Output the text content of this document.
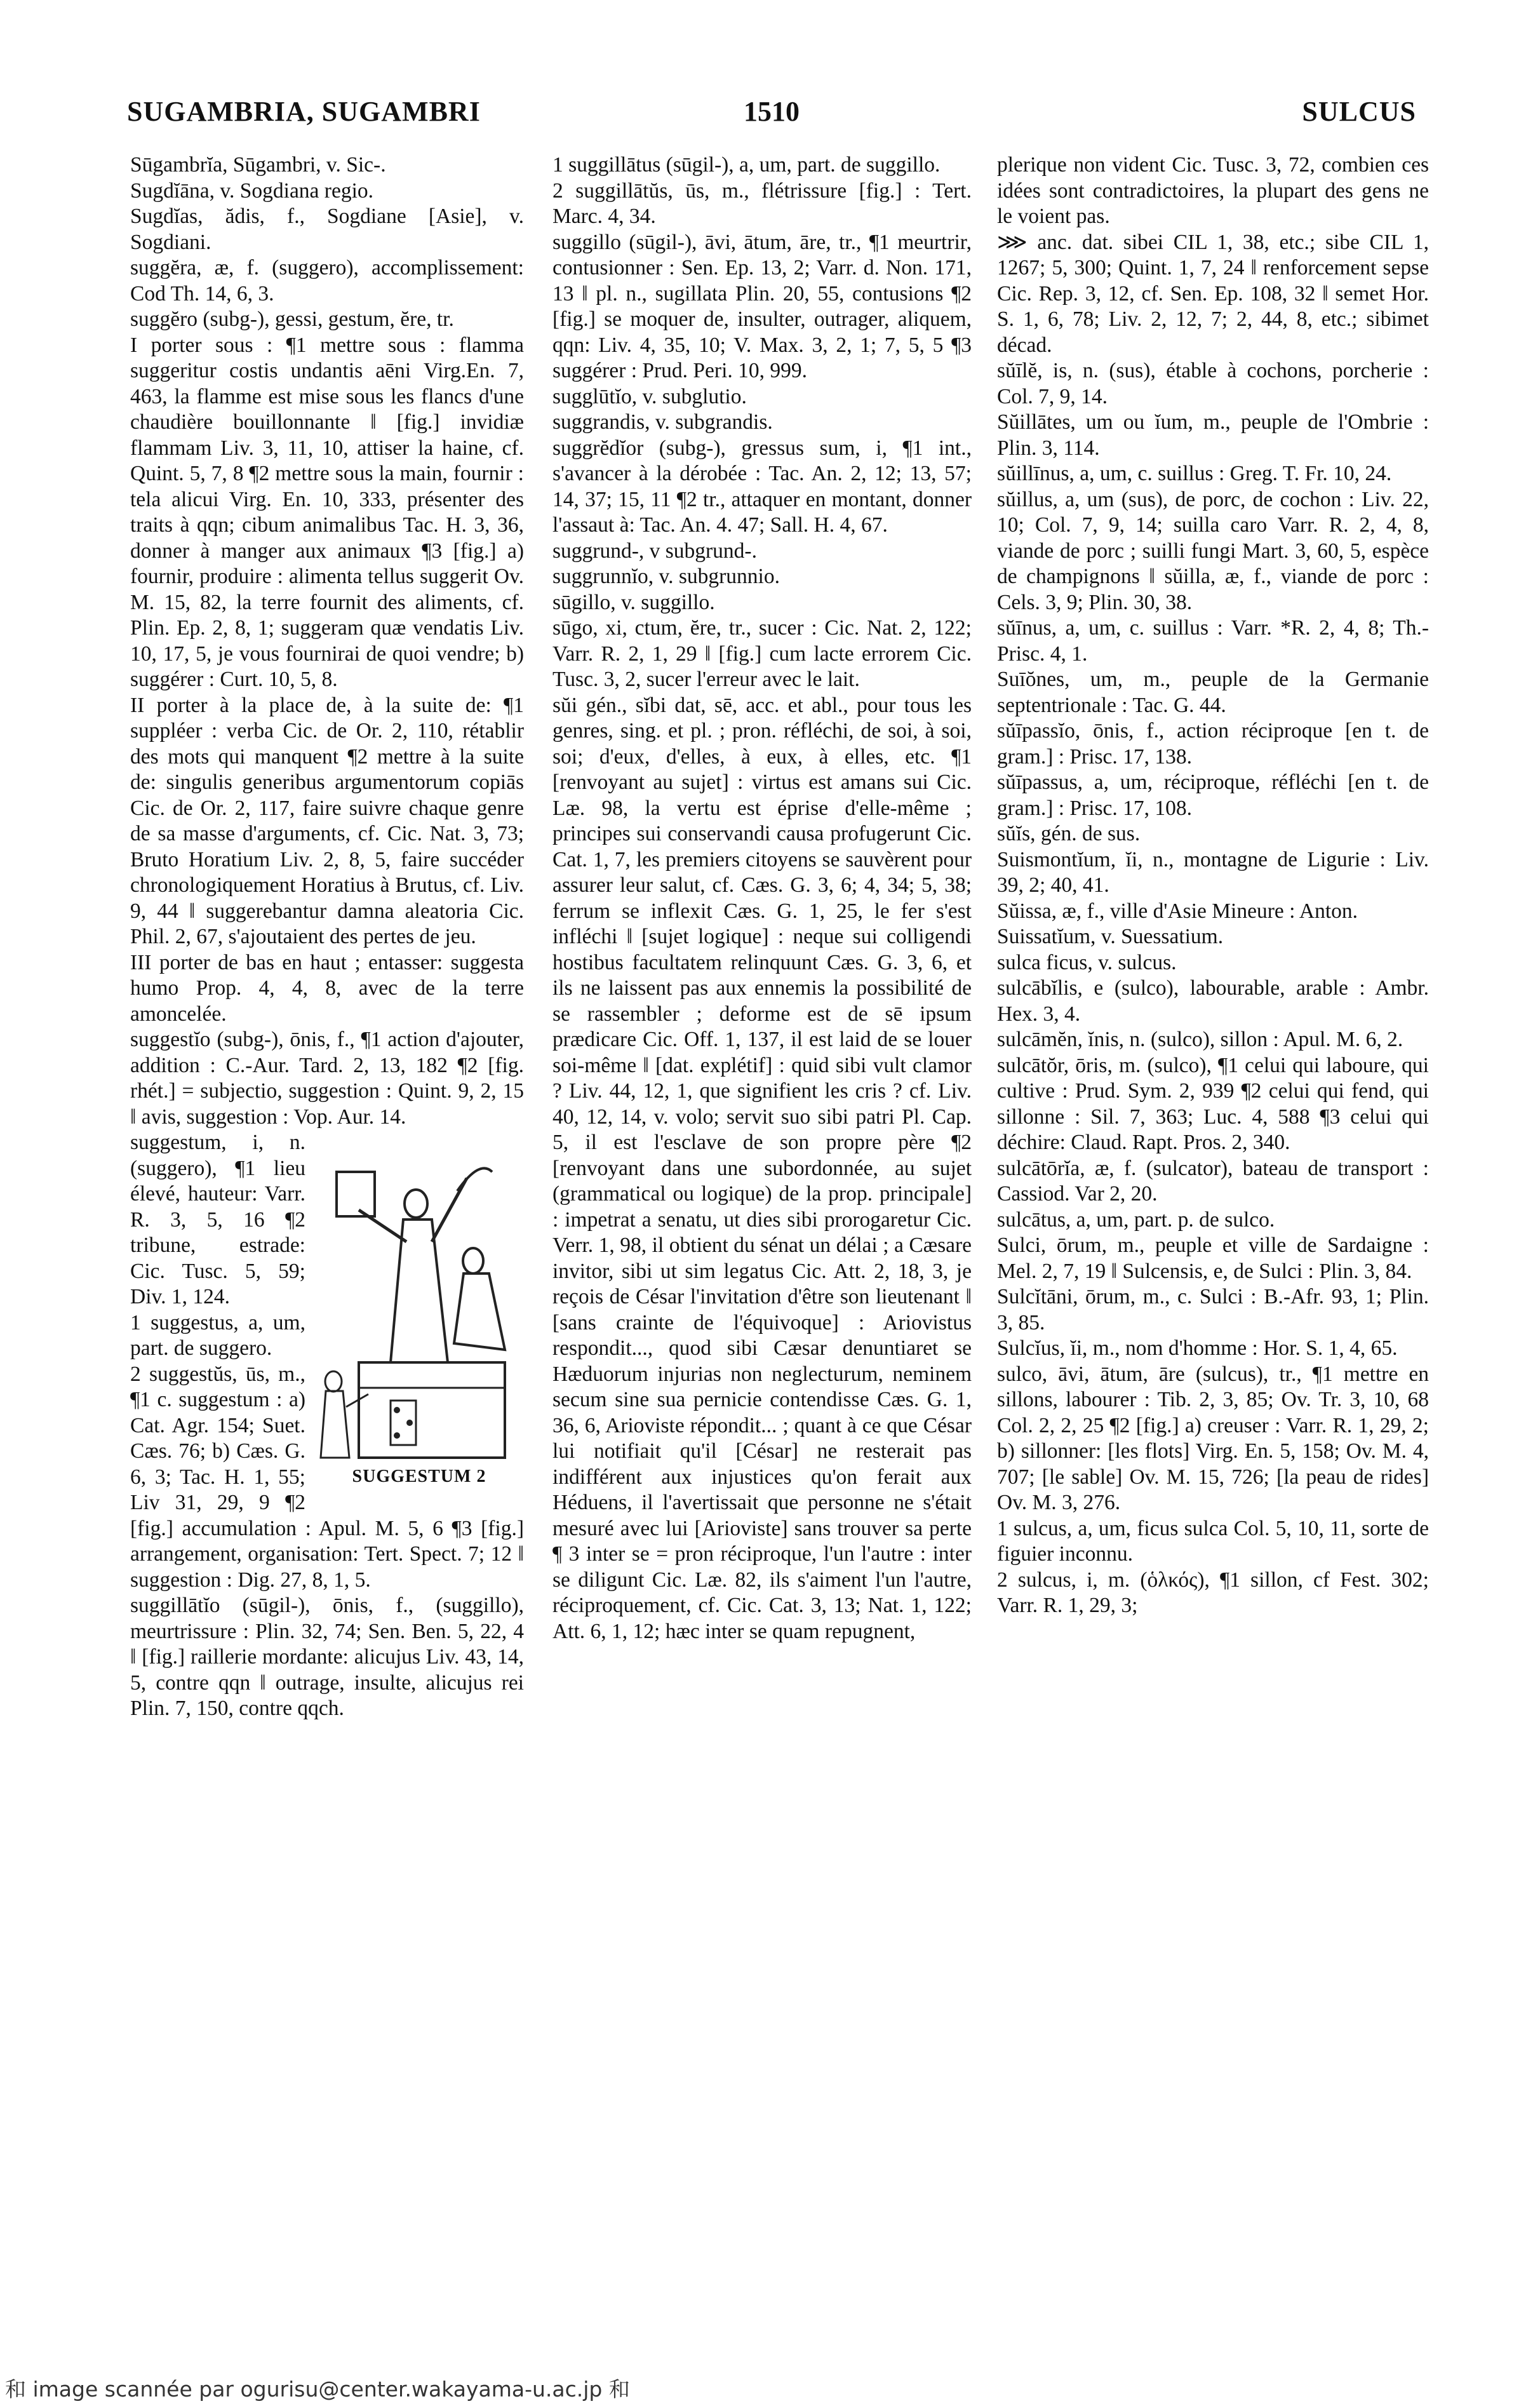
SUGAMBRIA, SUGAMBRI	1510	SULCUS

Sūgambrĭa, Sūgambri, v. Sic-.

Sugdĭāna, v. Sogdiana regio.

Sugdĭas, ădis, f., Sogdiane [Asie], v. Sogdiani.

suggĕra, æ, f. (suggero), accomplissement: Cod Th. 14, 6, 3.

suggĕro (subg-), gessi, gestum, ĕre, tr.

I porter sous : ¶1 mettre sous : flamma suggeritur costis undantis aēni Virg.En. 7, 463, la flamme est mise sous les flancs d'une chaudière bouillonnante ‖ [fig.] invidiæ flammam Liv. 3, 11, 10, attiser la haine, cf. Quint. 5, 7, 8 ¶2 mettre sous la main, fournir : tela alicui Virg. En. 10, 333, présenter des traits à qqn; cibum animalibus Tac. H. 3, 36, donner à manger aux animaux ¶3 [fig.] a) fournir, produire : alimenta tellus suggerit Ov. M. 15, 82, la terre fournit des aliments, cf. Plin. Ep. 2, 8, 1; suggeram quæ vendatis Liv. 10, 17, 5, je vous fournirai de quoi vendre; b) suggérer : Curt. 10, 5, 8.

II porter à la place de, à la suite de: ¶1 suppléer : verba Cic. de Or. 2, 110, rétablir des mots qui manquent ¶2 mettre à la suite de: singulis generibus argumentorum copiās Cic. de Or. 2, 117, faire suivre chaque genre de sa masse d'arguments, cf. Cic. Nat. 3, 73; Bruto Horatium Liv. 2, 8, 5, faire succéder chronologiquement Horatius à Brutus, cf. Liv. 9, 44 ‖ suggerebantur damna aleatoria Cic. Phil. 2, 67, s'ajoutaient des pertes de jeu.

III porter de bas en haut ; entasser: suggesta humo Prop. 4, 4, 8, avec de la terre amoncelée.

suggestĭo (subg-), ōnis, f., ¶1 action d'ajouter, addition : C.-Aur. Tard. 2, 13, 182 ¶2 [fig. rhét.] = subjectio, suggestion : Quint. 9, 2, 15 ‖ avis, suggestion : Vop. Aur. 14.

SUGGESTUM 2

suggestum, i, n. (suggero), ¶1 lieu élevé, hauteur: Varr. R. 3, 5, 16 ¶2 tribune, estrade: Cic. Tusc. 5, 59; Div. 1, 124.

1 suggestus, a, um, part. de suggero.

2 suggestŭs, ūs, m., ¶1 c. suggestum : a) Cat. Agr. 154; Suet. Cæs. 76; b) Cæs. G. 6, 3; Tac. H. 1, 55; Liv 31, 29, 9 ¶2 [fig.] accumulation : Apul. M. 5, 6 ¶3 [fig.] arrangement, organisation: Tert. Spect. 7; 12 ‖ suggestion : Dig. 27, 8, 1, 5.

suggillātĭo (sūgil-), ōnis, f., (suggillo), meurtrissure : Plin. 32, 74; Sen. Ben. 5, 22, 4 ‖ [fig.] raillerie mordante: alicujus Liv. 43, 14, 5, contre qqn ‖ outrage, insulte, alicujus rei Plin. 7, 150, contre qqch.

1 suggillātus (sūgil-), a, um, part. de suggillo.

2 suggillātŭs, ūs, m., flétrissure [fig.] : Tert. Marc. 4, 34.

suggillo (sūgil-), āvi, ātum, āre, tr., ¶1 meurtrir, contusionner : Sen. Ep. 13, 2; Varr. d. Non. 171, 13 ‖ pl. n., sugillata Plin. 20, 55, contusions ¶2 [fig.] se moquer de, insulter, outrager, aliquem, qqn: Liv. 4, 35, 10; V. Max. 3, 2, 1; 7, 5, 5 ¶3 suggérer : Prud. Peri. 10, 999.

sugglūtĭo, v. subglutio.

suggrandis, v. subgrandis.

suggrĕdĭor (subg-), gressus sum, i, ¶1 int., s'avancer à la dérobée : Tac. An. 2, 12; 13, 57; 14, 37; 15, 11 ¶2 tr., attaquer en montant, donner l'assaut à: Tac. An. 4. 47; Sall. H. 4, 67.

suggrund-, v subgrund-.

suggrunnĭo, v. subgrunnio.

sūgillo, v. suggillo.

sūgo, xi, ctum, ĕre, tr., sucer : Cic. Nat. 2, 122; Varr. R. 2, 1, 29 ‖ [fig.] cum lacte errorem Cic. Tusc. 3, 2, sucer l'erreur avec le lait.

sŭi gén., sĭbi dat, sē, acc. et abl., pour tous les genres, sing. et pl. ; pron. réfléchi, de soi, à soi, soi; d'eux, d'elles, à eux, à elles, etc. ¶1 [renvoyant au sujet] : virtus est amans sui Cic. Læ. 98, la vertu est éprise d'elle-même ; principes sui conservandi causa profugerunt Cic. Cat. 1, 7, les premiers citoyens se sauvèrent pour assurer leur salut, cf. Cæs. G. 3, 6; 4, 34; 5, 38; ferrum se inflexit Cæs. G. 1, 25, le fer s'est infléchi ‖ [sujet logique] : neque sui colligendi hostibus facultatem relinquunt Cæs. G. 3, 6, et ils ne laissent pas aux ennemis la possibilité de se rassembler ; deforme est de sē ipsum prædicare Cic. Off. 1, 137, il est laid de se louer soi-même ‖ [dat. explétif] : quid sibi vult clamor ? Liv. 44, 12, 1, que signifient les cris ? cf. Liv. 40, 12, 14, v. volo; servit suo sibi patri Pl. Cap. 5, il est l'esclave de son propre père ¶2 [renvoyant dans une subordonnée, au sujet (grammatical ou logique) de la prop. principale] : impetrat a senatu, ut dies sibi prorogaretur Cic. Verr. 1, 98, il obtient du sénat un délai ; a Cæsare invitor, sibi ut sim legatus Cic. Att. 2, 18, 3, je reçois de César l'invitation d'être son lieutenant ‖ [sans crainte de l'équivoque] : Ariovistus respondit..., quod sibi Cæsar denuntiaret se Hæduorum injurias non neglecturum, neminem secum sine sua pernicie contendisse Cæs. G. 1, 36, 6, Arioviste répondit... ; quant à ce que César lui notifiait qu'il [César] ne resterait pas indifférent aux injustices qu'on ferait aux Héduens, il l'avertissait que personne ne s'était mesuré avec lui [Arioviste] sans trouver sa perte ¶ 3 inter se = pron réciproque, l'un l'autre : inter se diligunt Cic. Læ. 82, ils s'aiment l'un l'autre, réciproquement, cf. Cic. Cat. 3, 13; Nat. 1, 122; Att. 6, 1, 12; hæc inter se quam repugnent,

plerique non vident Cic. Tusc. 3, 72, combien ces idées sont contradictoires, la plupart des gens ne le voient pas.

⋙ anc. dat. sibei CIL 1, 38, etc.; sibe CIL 1, 1267; 5, 300; Quint. 1, 7, 24 ‖ renforcement sepse Cic. Rep. 3, 12, cf. Sen. Ep. 108, 32 ‖ semet Hor. S. 1, 6, 78; Liv. 2, 12, 7; 2, 44, 8, etc.; sibimet décad.

sŭīlĕ, is, n. (sus), étable à cochons, porcherie : Col. 7, 9, 14.

Sŭillātes, um ou ĭum, m., peuple de l'Ombrie : Plin. 3, 114.

sŭillīnus, a, um, c. suillus : Greg. T. Fr. 10, 24.

sŭillus, a, um (sus), de porc, de cochon : Liv. 22, 10; Col. 7, 9, 14; suilla caro Varr. R. 2, 4, 8, viande de porc ; suilli fungi Mart. 3, 60, 5, espèce de champignons ‖ sŭilla, æ, f., viande de porc : Cels. 3, 9; Plin. 30, 38.

sŭīnus, a, um, c. suillus : Varr. *R. 2, 4, 8; Th.-Prisc. 4, 1.

Suīŏnes, um, m., peuple de la Germanie septentrionale : Tac. G. 44.

sŭīpassĭo, ōnis, f., action réciproque [en t. de gram.] : Prisc. 17, 138.

sŭīpassus, a, um, réciproque, réfléchi [en t. de gram.] : Prisc. 17, 108.

sŭĭs, gén. de sus.

Suismontĭum, ĭi, n., montagne de Ligurie : Liv. 39, 2; 40, 41.

Sŭissa, æ, f., ville d'Asie Mineure : Anton.

Suissatĭum, v. Suessatium.

sulca ficus, v. sulcus.

sulcābĭlis, e (sulco), labourable, arable : Ambr. Hex. 3, 4.

sulcāmĕn, ĭnis, n. (sulco), sillon : Apul. M. 6, 2.

sulcātŏr, ōris, m. (sulco), ¶1 celui qui laboure, qui cultive : Prud. Sym. 2, 939 ¶2 celui qui fend, qui sillonne : Sil. 7, 363; Luc. 4, 588 ¶3 celui qui déchire: Claud. Rapt. Pros. 2, 340.

sulcātōrĭa, æ, f. (sulcator), bateau de transport : Cassiod. Var 2, 20.

sulcātus, a, um, part. p. de sulco.

Sulci, ōrum, m., peuple et ville de Sardaigne : Mel. 2, 7, 19 ‖ Sulcensis, e, de Sulci : Plin. 3, 84.

Sulcĭtāni, ōrum, m., c. Sulci : B.-Afr. 93, 1; Plin. 3, 85.

Sulcĭus, ĭi, m., nom d'homme : Hor. S. 1, 4, 65.

sulco, āvi, ātum, āre (sulcus), tr., ¶1 mettre en sillons, labourer : Tib. 2, 3, 85; Ov. Tr. 3, 10, 68 Col. 2, 2, 25 ¶2 [fig.] a) creuser : Varr. R. 1, 29, 2; b) sillonner: [les flots] Virg. En. 5, 158; Ov. M. 4, 707; [le sable] Ov. M. 15, 726; [la peau de rides] Ov. M. 3, 276.

1 sulcus, a, um, ficus sulca Col. 5, 10, 11, sorte de figuier inconnu.

2 sulcus, i, m. (ὁλκός), ¶1 sillon, cf Fest. 302; Varr. R. 1, 29, 3;

和 image scannée par ogurisu@center.wakayama-u.ac.jp 和
